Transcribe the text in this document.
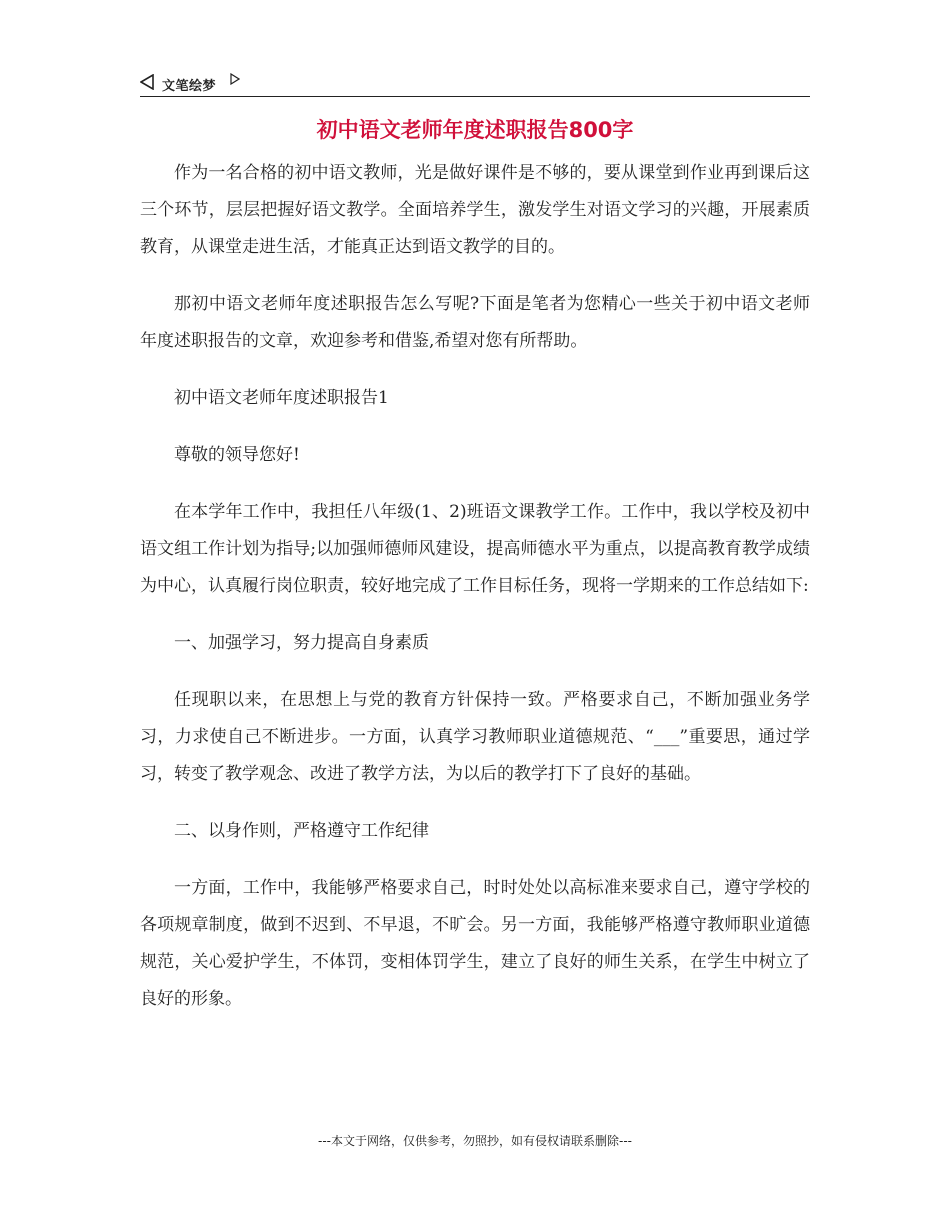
文笔绘梦
初中语文老师年度述职报告800字

作为一名合格的初中语文教师，光是做好课件是不够的，要从课堂到作业再到课后这三个环节，层层把握好语文教学。全面培养学生，激发学生对语文学习的兴趣，开展素质教育，从课堂走进生活，才能真正达到语文教学的目的。

那初中语文老师年度述职报告怎么写呢?下面是笔者为您精心一些关于初中语文老师年度述职报告的文章，欢迎参考和借鉴,希望对您有所帮助。

初中语文老师年度述职报告1

尊敬的领导您好!

在本学年工作中，我担任八年级(1、2)班语文课教学工作。工作中，我以学校及初中语文组工作计划为指导;以加强师德师风建设，提高师德水平为重点，以提高教育教学成绩为中心，认真履行岗位职责，较好地完成了工作目标任务，现将一学期来的工作总结如下:

一、加强学习，努力提高自身素质

任现职以来，在思想上与党的教育方针保持一致。严格要求自己，不断加强业务学习，力求使自己不断进步。一方面，认真学习教师职业道德规范、“___”重要思，通过学习，转变了教学观念、改进了教学方法，为以后的教学打下了良好的基础。

二、以身作则，严格遵守工作纪律

一方面，工作中，我能够严格要求自己，时时处处以高标准来要求自己，遵守学校的各项规章制度，做到不迟到、不早退，不旷会。另一方面，我能够严格遵守教师职业道德规范，关心爱护学生，不体罚，变相体罚学生，建立了良好的师生关系，在学生中树立了良好的形象。

---本文于网络，仅供参考，勿照抄，如有侵权请联系删除---
